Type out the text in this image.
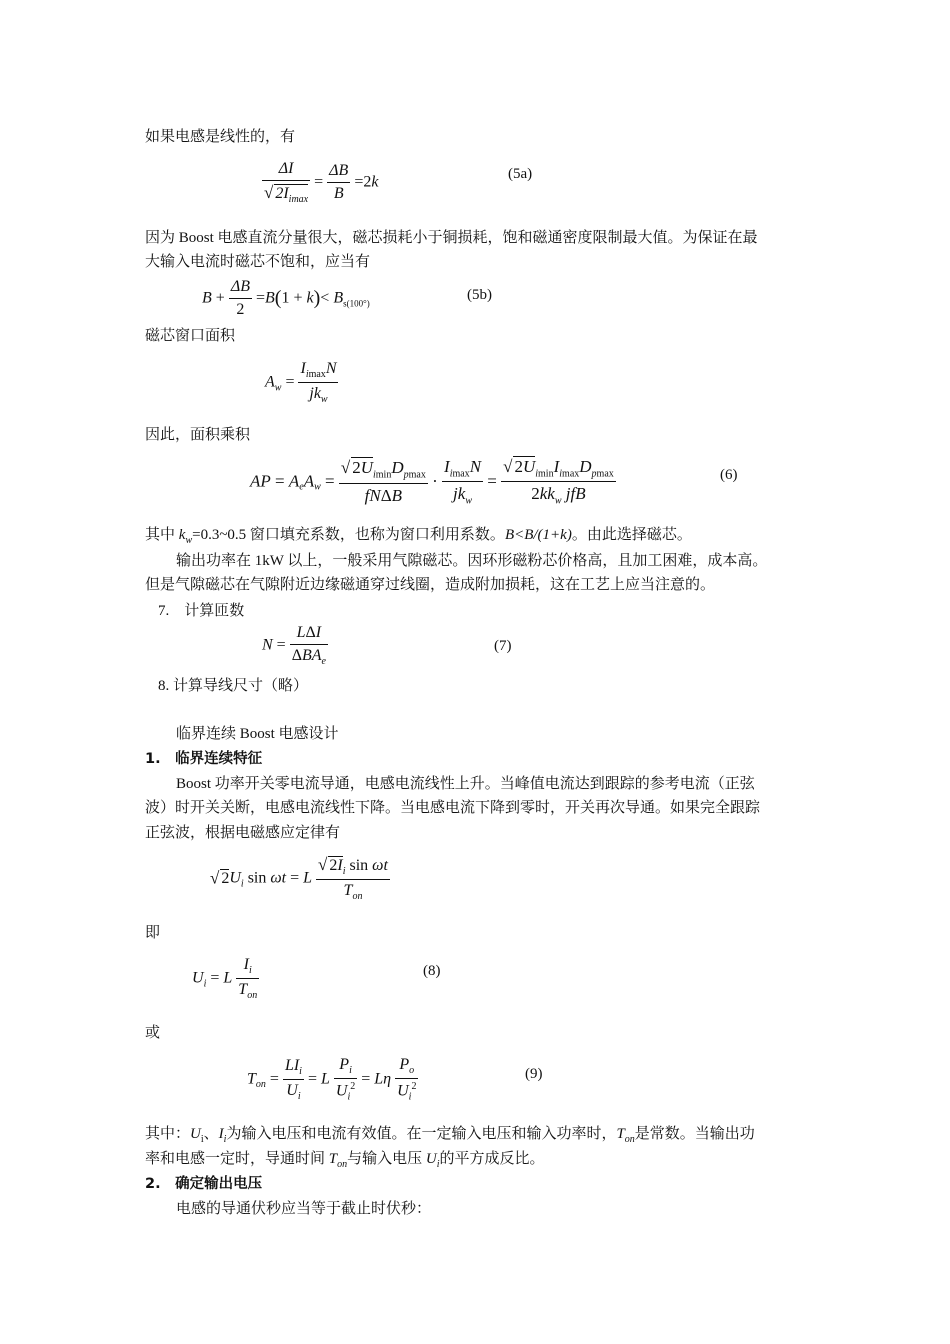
如果电感是线性的，有
$\frac{\Delta I}{√ 2I_{imax}} = \frac{\Delta B}{B} =2k$	(5a)
因为 Boost 电感直流分量很大，磁芯损耗小于铜损耗，饱和磁通密度限制最大值。为保证在最
大输入电流时磁芯不饱和，应当有
$B + \frac{\Delta B}{2} =B(1 + k)< B_{s(100^\circ)}$
(5b)
磁芯窗口面积
$A_w = \frac{I_{imax}N}{jk_w}$
因此，面积乘积
AP = $A_eA_w = \frac{√ 2U_{imin}D_{pmax}}{\text{fNΔB}} \cdot \frac{I_{imax}N}{jk_w} = \frac{√ 2U_{imin}I_{imax}D_{pmax}}{2kk_w jfB}$	(6)
其中 $k_w=0.3\sim 0.5$ 窗口填充系数，也称为窗口利用系数。B<B/(1+k)。由此选择磁芯。
输出功率在 1kW 以上，一般采用气隙磁芯。因环形磁粉芯价格高，且加工困难，成本高。
但是气隙磁芯在气隙附近边缘磁通穿过线圈，造成附加损耗，这在工艺上应当注意的。
7.　计算匝数
$N = \frac{\text{LΔI}}{\Delta BA_e}$	(7)
8. 计算导线尺寸（略）
临界连续 Boost 电感设计
1.　临界连续特征
Boost 功率开关零电流导通，电感电流线性上升。当峰值电流达到跟踪的参考电流（正弦
波）时开关关断，电感电流线性下降。当电感电流下降到零时，开关再次导通。如果完全跟踪
正弦波，根据电磁感应定律有
√ $2U_i$ sin ωt = L $\frac{√ 2I_i \sin \omega t}{T_{on}}$
即
$U_i = L \frac{I_i}{T_{on}}$	(8)
或
$T_{on} = \frac{LI_i}{U_i} = L \frac{P_i}{U_i^2} = L\eta \frac{P_o}{U_i^2}$	(9)
其中：$U_i$、$I_i$为输入电压和电流有效值。在一定输入电压和输入功率时，$T_{on}$是常数。当输出功
率和电感一定时，导通时间 $T_{on}$与输入电压 $U_i$的平方成反比。
2.　确定输出电压
电感的导通伏秒应当等于截止时伏秒：
